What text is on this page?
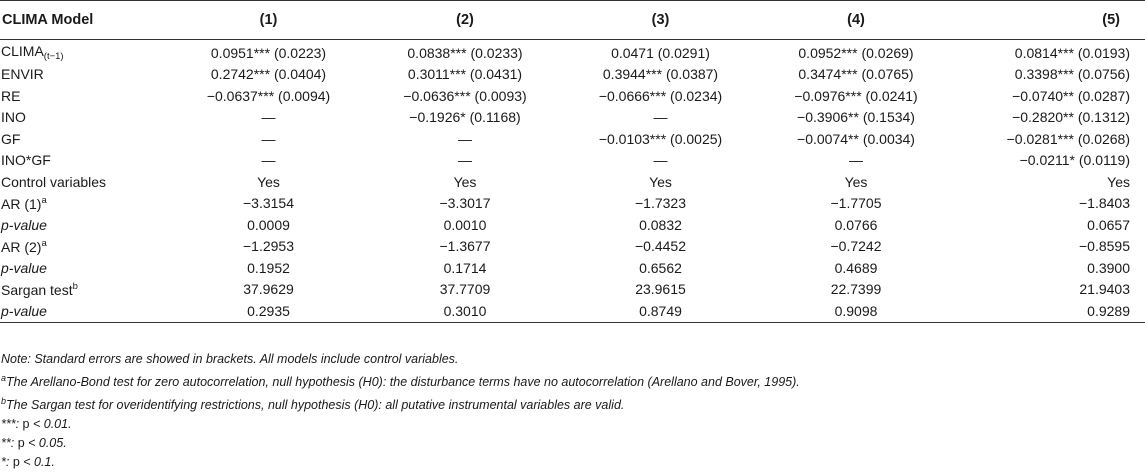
CLIMA Model	(1)	(2)	(3)	(4)	(5)
$CLIMA_{(t-1)}$	0.0951*** (0.0223)	0.0838*** (0.0233)	0.0471 (0.0291)	0.0952*** (0.0269)	0.0814*** (0.0193)
ENVIR	0.2742*** (0.0404)	0.3011*** (0.0431)	0.3944*** (0.0387)	0.3474*** (0.0765)	0.3398*** (0.0756)
RE	−0.0637*** (0.0094)	−0.0636*** (0.0093)	−0.0666*** (0.0234)	−0.0976*** (0.0241)	−0.0740** (0.0287)
INO	—	−0.1926* (0.1168)	—	−0.3906** (0.1534)	−0.2820** (0.1312)
GF	—	—	−0.0103*** (0.0025)	−0.0074** (0.0034)	−0.0281*** (0.0268)
INO*GF	—	—	—	—	−0.0211* (0.0119)
Control variables	Yes	Yes	Yes	Yes	Yes
AR $(1)^a$	−3.3154	−3.3017	−1.7323	−1.7705	−1.8403
p-value	0.0009	0.0010	0.0832	0.0766	0.0657
AR $(2)^a$	−1.2953	−1.3677	−0.4452	−0.7242	−0.8595
p-value	0.1952	0.1714	0.6562	0.4689	0.3900
Sargan test$^b$	37.9629	37.7709	23.9615	22.7399	21.9403
p-value	0.2935	0.3010	0.8749	0.9098	0.9289
Note: Standard errors are showed in brackets. All models include control variables.
$^a$The Arellano-Bond test for zero autocorrelation, null hypothesis (H0): the disturbance terms have no autocorrelation (Arellano and Bover, 1995).
$^b$The Sargan test for overidentifying restrictions, null hypothesis (H0): all putative instrumental variables are valid.
***: p < 0.01.
**: p < 0.05.
*: p < 0.1.
